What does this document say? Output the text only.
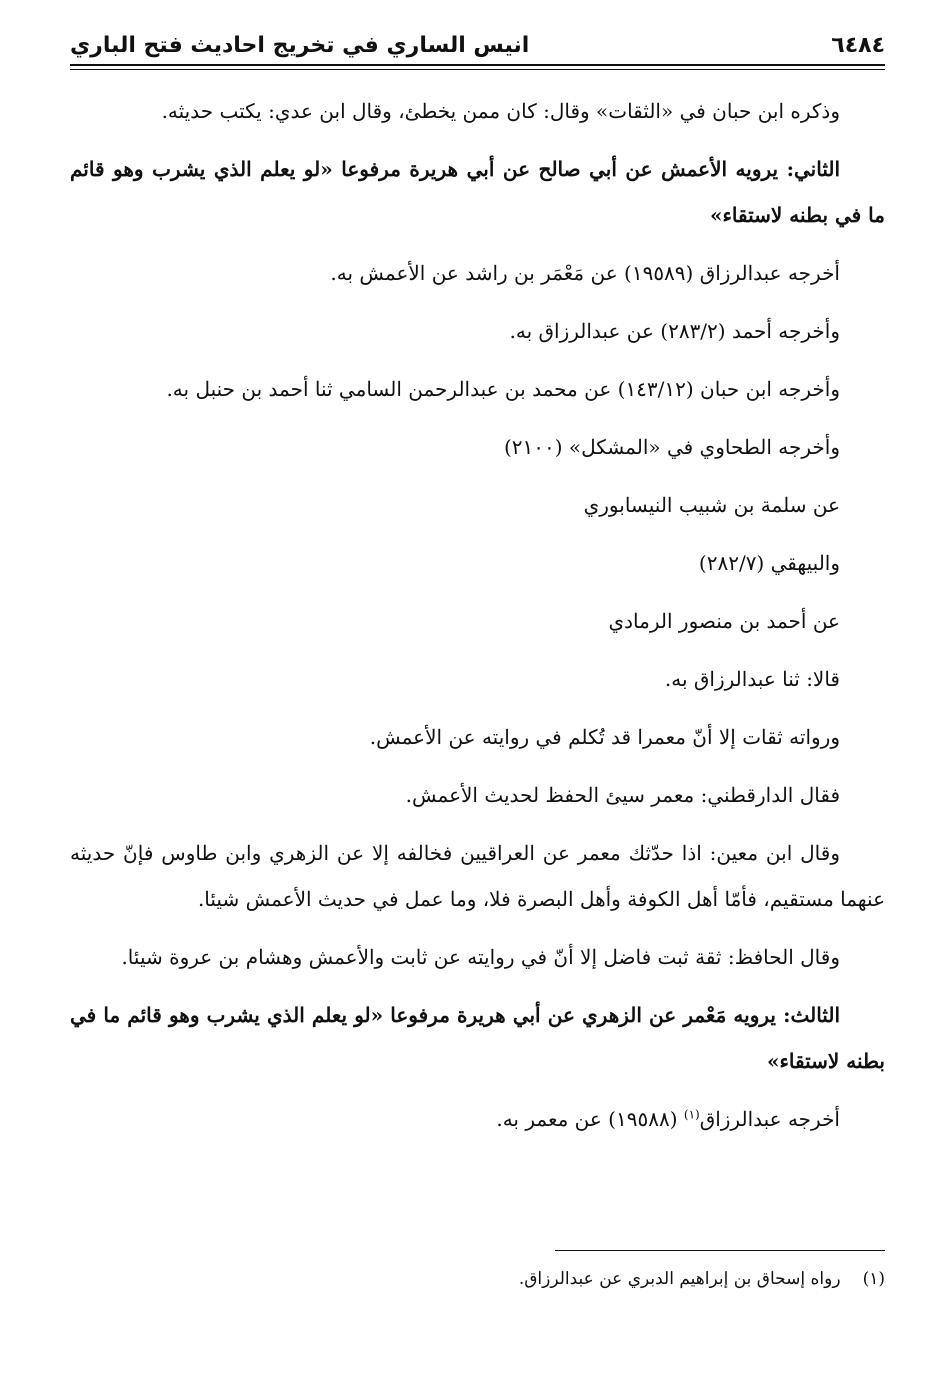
٦٤٨٤
انيس الساري في تخريج احاديث فتح الباري

وذكره ابن حبان في «الثقات» وقال: كان ممن يخطئ، وقال ابن عدي: يكتب حديثه.

الثاني: يرويه الأعمش عن أبي صالح عن أبي هريرة مرفوعا «لو يعلم الذي يشرب وهو قائم ما في بطنه لاستقاء»

أخرجه عبدالرزاق (١٩٥٨٩) عن مَعْمَر بن راشد عن الأعمش به.

وأخرجه أحمد (٢٨٣/٢) عن عبدالرزاق به.

وأخرجه ابن حبان (١٤٣/١٢) عن محمد بن عبدالرحمن السامي ثنا أحمد بن حنبل به.

وأخرجه الطحاوي في «المشكل» (٢١٠٠)

عن سلمة بن شبيب النيسابوري

والبيهقي (٢٨٢/٧)

عن أحمد بن منصور الرمادي

قالا: ثنا عبدالرزاق به.

ورواته ثقات إلا أنّ معمرا قد تُكلم في روايته عن الأعمش.

فقال الدارقطني: معمر سيئ الحفظ لحديث الأعمش.

وقال ابن معين: اذا حدّثك معمر عن العراقيين فخالفه إلا عن الزهري وابن طاوس فإنّ حديثه عنهما مستقيم، فأمّا أهل الكوفة وأهل البصرة فلا، وما عمل في حديث الأعمش شيئا.

وقال الحافظ: ثقة ثبت فاضل إلا أنّ في روايته عن ثابت والأعمش وهشام بن عروة شيئا.

الثالث: يرويه مَعْمر عن الزهري عن أبي هريرة مرفوعا «لو يعلم الذي يشرب وهو قائم ما في بطنه لاستقاء»

أخرجه عبدالرزاق$^{(١)}$ (١٩٥٨٨) عن معمر به.

(١)رواه إسحاق بن إبراهيم الدبري عن عبدالرزاق.
